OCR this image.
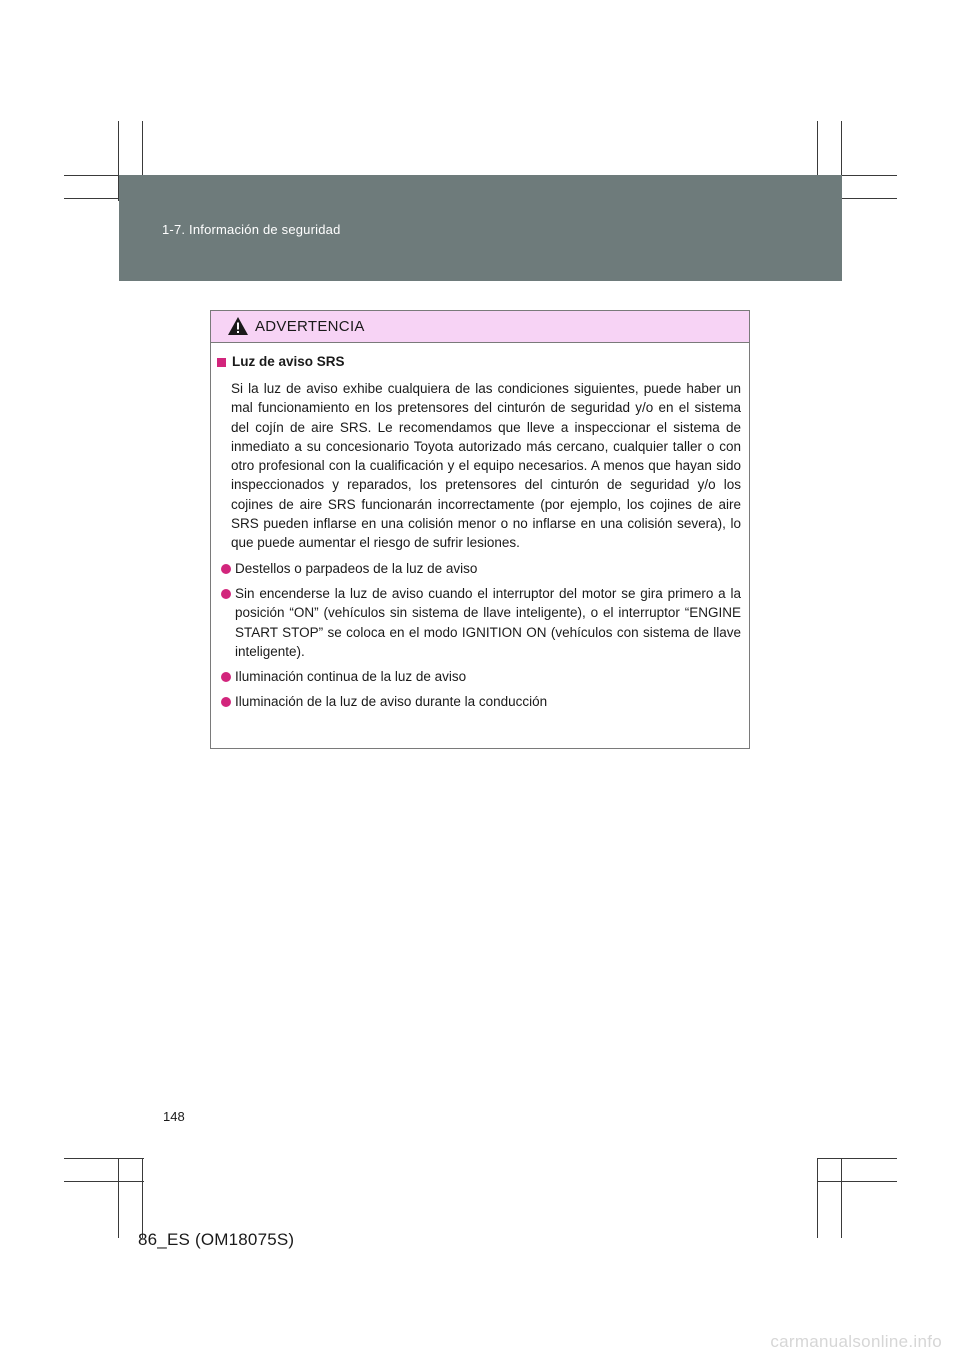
1-7. Información de seguridad
ADVERTENCIA
Luz de aviso SRS

Si la luz de aviso exhibe cualquiera de las condiciones siguientes, puede haber un mal funcionamiento en los pretensores del cinturón de seguridad y/o en el sistema del cojín de aire SRS. Le recomendamos que lleve a inspeccionar el sistema de inmediato a su concesionario Toyota autorizado más cercano, cualquier taller o con otro profesional con la cualificación y el equipo necesarios. A menos que hayan sido inspeccionados y reparados, los pretensores del cinturón de seguridad y/o los cojines de aire SRS funcionarán incorrectamente (por ejemplo, los cojines de aire SRS pueden inflarse en una colisión menor o no inflarse en una colisión severa), lo que puede aumentar el riesgo de sufrir lesiones.

Destellos o parpadeos de la luz de aviso
Sin encenderse la luz de aviso cuando el interruptor del motor se gira primero a la posición “ON” (vehículos sin sistema de llave inteligente), o el interruptor “ENGINE START STOP” se coloca en el modo IGNITION ON (vehículos con sistema de llave inteligente).
Iluminación continua de la luz de aviso
Iluminación de la luz de aviso durante la conducción
148
86_ES (OM18075S)
carmanualsonline.info
